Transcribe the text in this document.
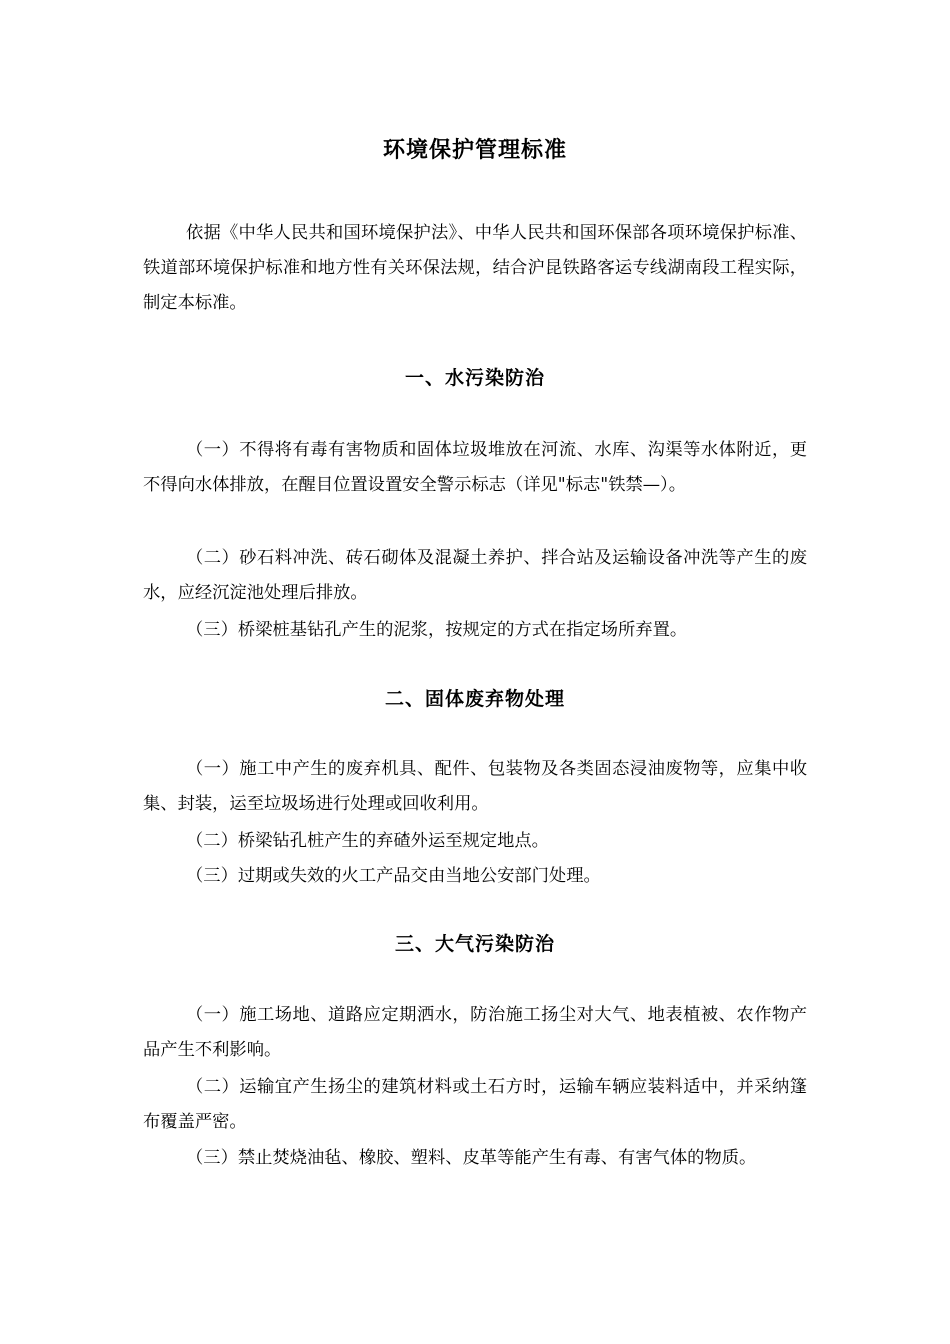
环境保护管理标准

依据《中华人民共和国环境保护法》、中华人民共和国环保部各项环境保护标准、铁道部环境保护标准和地方性有关环保法规，结合沪昆铁路客运专线湖南段工程实际，制定本标准。

一、水污染防治

（一）不得将有毒有害物质和固体垃圾堆放在河流、水库、沟渠等水体附近，更不得向水体排放，在醒目位置设置安全警示标志（详见"标志"铁禁—）。

（二）砂石料冲洗、砖石砌体及混凝土养护、拌合站及运输设备冲洗等产生的废水，应经沉淀池处理后排放。

（三）桥梁桩基钻孔产生的泥浆，按规定的方式在指定场所弃置。

二、固体废弃物处理

（一）施工中产生的废弃机具、配件、包装物及各类固态浸油废物等，应集中收集、封装，运至垃圾场进行处理或回收利用。

（二）桥梁钻孔桩产生的弃碴外运至规定地点。

（三）过期或失效的火工产品交由当地公安部门处理。

三、大气污染防治

（一）施工场地、道路应定期洒水，防治施工扬尘对大气、地表植被、农作物产品产生不利影响。

（二）运输宜产生扬尘的建筑材料或土石方时，运输车辆应装料适中，并采纳篷布覆盖严密。

（三）禁止焚烧油毡、橡胶、塑料、皮革等能产生有毒、有害气体的物质。
